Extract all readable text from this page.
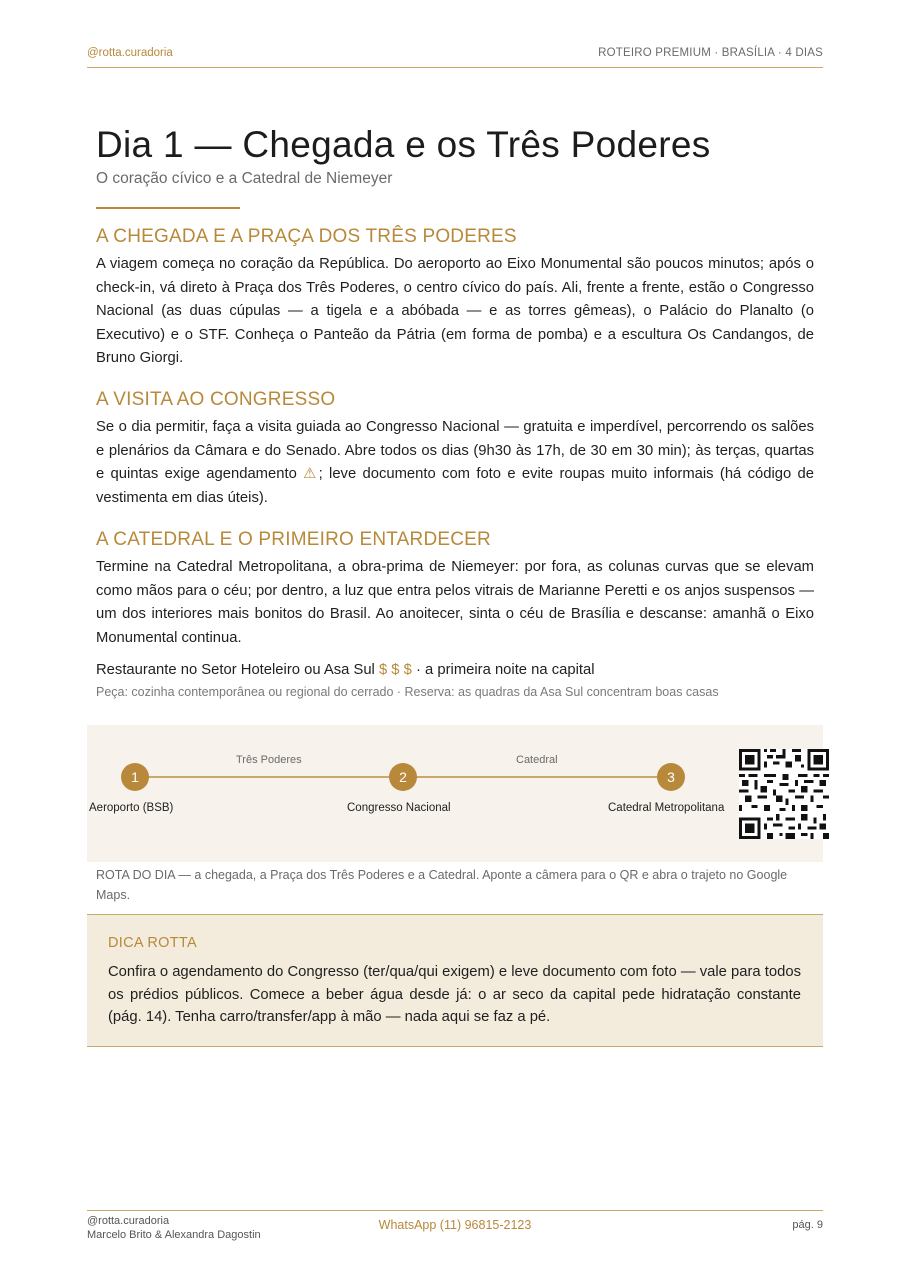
@rotta.curadoria	ROTEIRO PREMIUM · BRASÍLIA · 4 DIAS
Dia 1 — Chegada e os Três Poderes
O coração cívico e a Catedral de Niemeyer
A CHEGADA E A PRAÇA DOS TRÊS PODERES

A viagem começa no coração da República. Do aeroporto ao Eixo Monumental são poucos minutos; após o check-in, vá direto à Praça dos Três Poderes, o centro cívico do país. Ali, frente a frente, estão o Congresso Nacional (as duas cúpulas — a tigela e a abóbada — e as torres gêmeas), o Palácio do Planalto (o Executivo) e o STF. Conheça o Panteão da Pátria (em forma de pomba) e a escultura Os Candangos, de Bruno Giorgi.

A VISITA AO CONGRESSO

Se o dia permitir, faça a visita guiada ao Congresso Nacional — gratuita e imperdível, percorrendo os salões e plenários da Câmara e do Senado. Abre todos os dias (9h30 às 17h, de 30 em 30 min); às terças, quartas e quintas exige agendamento ⚠; leve documento com foto e evite roupas muito informais (há código de vestimenta em dias úteis).

A CATEDRAL E O PRIMEIRO ENTARDECER

Termine na Catedral Metropolitana, a obra-prima de Niemeyer: por fora, as colunas curvas que se elevam como mãos para o céu; por dentro, a luz que entra pelos vitrais de Marianne Peretti e os anjos suspensos — um dos interiores mais bonitos do Brasil. Ao anoitecer, sinta o céu de Brasília e descanse: amanhã o Eixo Monumental continua.

Restaurante no Setor Hoteleiro ou Asa Sul $ $ $ · a primeira noite na capital
Peça: cozinha contemporânea ou regional do cerrado · Reserva: as quadras da Asa Sul concentram boas casas
Três Poderes	Catedral
1	2	3
Aeroporto (BSB)	Congresso Nacional	Catedral Metropolitana
ROTA DO DIA — a chegada, a Praça dos Três Poderes e a Catedral. Aponte a câmera para o QR e abra o trajeto no Google Maps.
DICA ROTTA

Confira o agendamento do Congresso (ter/qua/qui exigem) e leve documento com foto — vale para todos os prédios públicos. Comece a beber água desde já: o ar seco da capital pede hidratação constante (pág. 14). Tenha carro/transfer/app à mão — nada aqui se faz a pé.

@rotta.curadoria
Marcelo Brito & Alexandra Dagostin
WhatsApp (11) 96815-2123	pág. 9
